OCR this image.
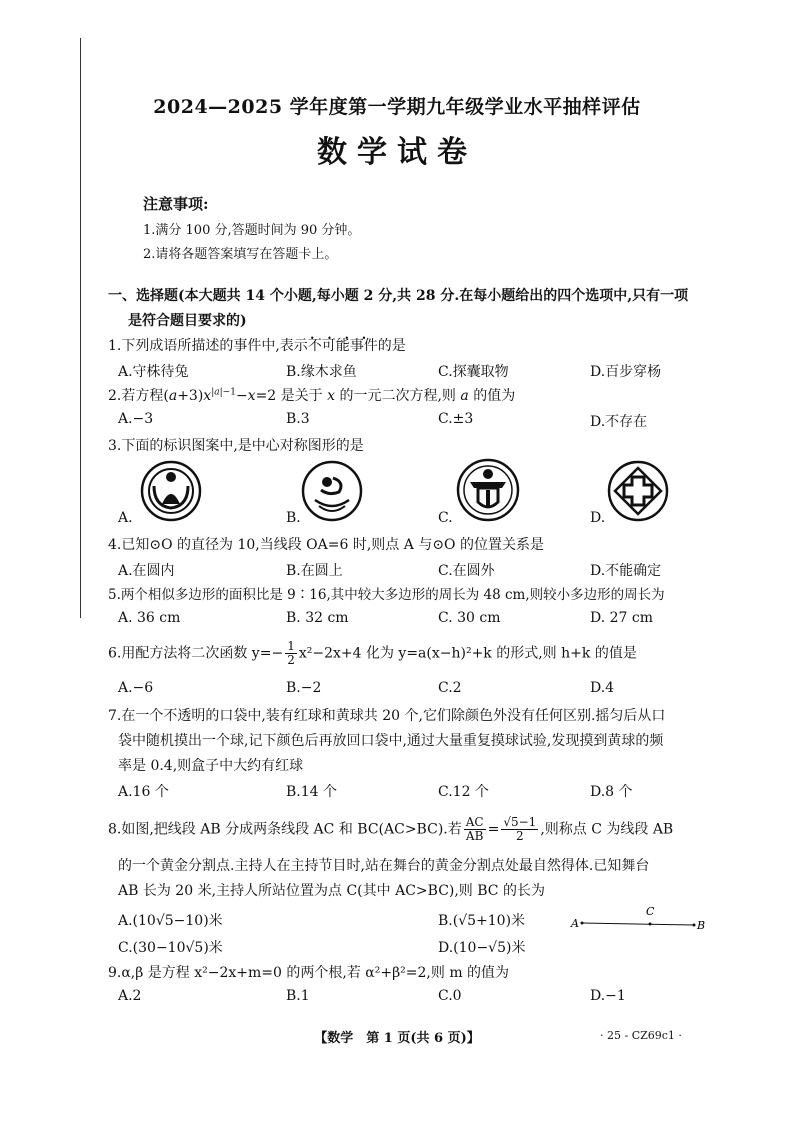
2024—2025 学年度第一学期九年级学业水平抽样评估
数学试卷
注意事项:
1.满分 100 分,答题时间为 90 分钟。
2.请将各题答案填写在答题卡上。
一、选择题(本大题共 14 个小题,每小题 2 分,共 28 分.在每小题给出的四个选项中,只有一项
是符合题目要求的)
1.下列成语所描述的事件中,表示不可能 • • • •事件的是
A.守株待兔	B.缘木求鱼	C.探囊取物	D.百步穿杨
2.若方程$(a+3)x^{|a|-1}-x=2$ 是关于 x 的一元二次方程,则 a 的值为
A.−3	B.3	C.±3	D.不存在
3.下面的标识图案中,是中心对称图形的是
A.	B.	C.	D.
4.已知⊙O 的直径为 10,当线段 OA=6 时,则点 A 与⊙O 的位置关系是
A.在圆内	B.在圆上	C.在圆外	D.不能确定
5.两个相似多边形的面积比是 9∶16,其中较大多边形的周长为 48 cm,则较小多边形的周长为
A. 36 cm	B. 32 cm	C. 30 cm	D. 27 cm
6.用配方法将二次函数 $y=- \frac{1}{2} x^2-2x+4$ 化为 y=a(x−h)²+k 的形式,则 h+k 的值是
A.−6	B.−2	C.2	D.4
7.在一个不透明的口袋中,装有红球和黄球共 20 个,它们除颜色外没有任何区别.摇匀后从口
袋中随机摸出一个球,记下颜色后再放回口袋中,通过大量重复摸球试验,发现摸到黄球的频
率是 0.4,则盒子中大约有红球
A.16 个	B.14 个	C.12 个	D.8 个
8.如图,把线段 AB 分成两条线段 AC 和 BC(AC>BC).若 $\frac{AC}{AB} = \frac{√5-1}{2}$ ,则称点 C 为线段 AB
的一个黄金分割点.主持人在主持节目时,站在舞台的黄金分割点处最自然得体.已知舞台
AB 长为 20 米,主持人所站位置为点 C(其中 AC>BC),则 BC 的长为
A.(10√5−10)米	B.(√5+10)米
C.(30−10√5)米	D.(10−√5)米
A
C
B
9.α,β 是方程 x²−2x+m=0 的两个根,若 α²+β²=2,则 m 的值为
A.2	B.1	C.0	D.−1
【数学　第 1 页(共 6 页)】	· 25 - CZ69c1 ·
